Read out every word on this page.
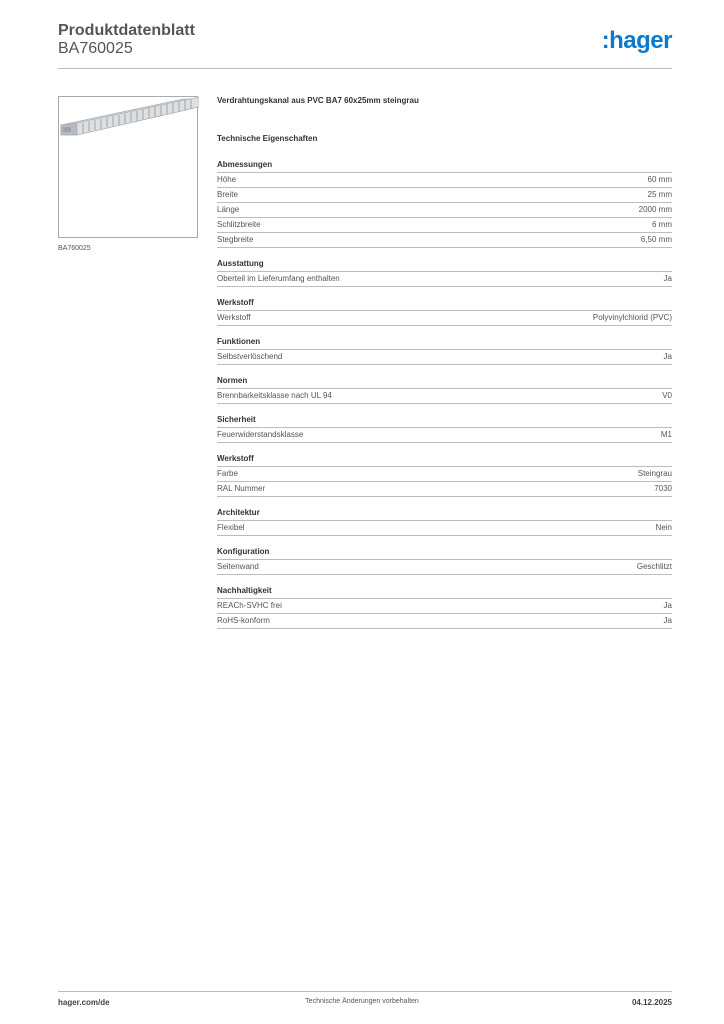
Produktdatenblatt
BA760025	:hager
BA760025
Verdrahtungskanal aus PVC BA7 60x25mm steingrau
Technische Eigenschaften
Abmessungen
Höhe	60 mm
Breite	25 mm
Länge	2000 mm
Schlitzbreite	6 mm
Stegbreite	6,50 mm
Ausstattung
Oberteil im Lieferumfang enthalten	Ja
Werkstoff
Werkstoff	Polyvinylchlorid (PVC)
Funktionen
Selbstverlöschend	Ja
Normen
Brennbarkeitsklasse nach UL 94	V0
Sicherheit
Feuerwiderstandsklasse	M1
Werkstoff
Farbe	Steingrau
RAL Nummer	7030
Architektur
Flexibel	Nein
Konfiguration
Seitenwand	Geschlitzt
Nachhaltigkeit
REACh-SVHC frei	Ja
RoHS-konform	Ja
hager.com/de	Technische Änderungen vorbehalten	04.12.2025
